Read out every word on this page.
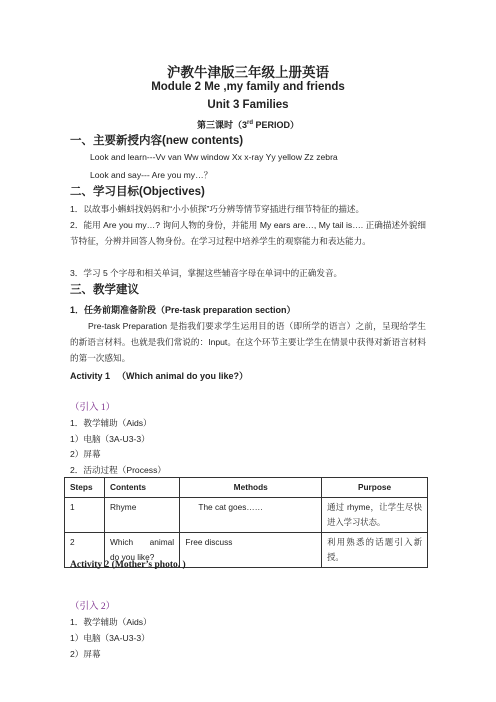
沪教牛津版三年级上册英语
Module 2 Me ,my family and friends
Unit 3 Families
第三课时（3rd PERIOD）
一、主要新授内容(new contents)
Look and learn---Vv van Ww window Xx x-ray Yy yellow Zz zebra
Look and say--- Are you my…？
二、学习目标(Objectives)
1．以故事小蝌蚪找妈妈和“小小侦探”巧分辨等情节穿插进行细节特征的描述。
2．能用 Are you my…? 询问人物的身份，并能用 My ears are…, My tail is…. 正确描述外貌细节特征，分辨并回答人物身份。在学习过程中培养学生的观察能力和表达能力。
3．学习 5 个字母和相关单词，掌握这些辅音字母在单词中的正确发音。
三、教学建议
1．任务前期准备阶段（Pre-task preparation section）
Pre-task Preparation 是指我们要求学生运用目的语（即所学的语言）之前，呈现给学生的新语言材料。也就是我们常说的：Input。在这个环节主要让学生在情景中获得对新语言材料的第一次感知。
Activity 1 　（Which animal do you like?）
（引入 1）
1．教学辅助（Aids）
1）电脑（3A-U3-3）
2）屏幕
2．活动过程（Process）
Steps	Contents	Methods	Purpose
1	Rhyme	The cat goes……	通过 rhyme，让学生尽快进入学习状态。
2	Which　　animal do you like?	Free discuss	利用熟悉的话题引入新授。
Activity 2 (Mother’s photo. )
（引入 2）
1．教学辅助（Aids）
1）电脑（3A-U3-3）
2）屏幕
